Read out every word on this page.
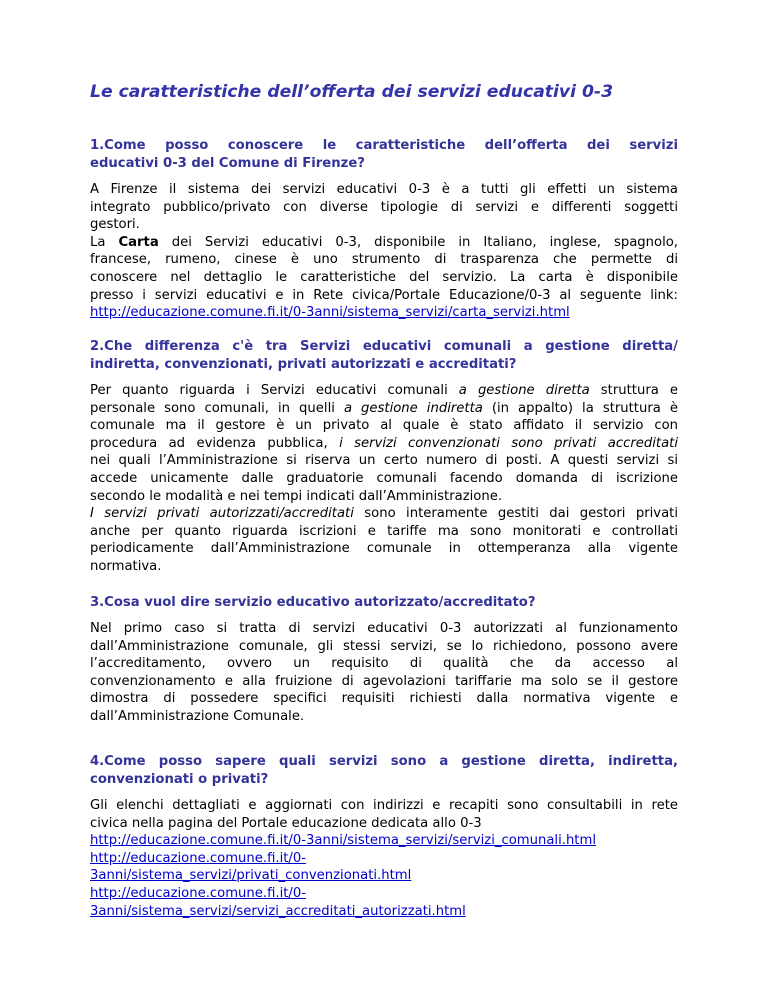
Le caratteristiche dell’offerta dei servizi educativi 0-3
1.Come posso conoscere le caratteristiche dell’offerta dei servizi
educativi 0-3 del Comune di Firenze?
A Firenze il sistema dei servizi educativi 0-3 è a tutti gli effetti un sistema
integrato pubblico/privato con diverse tipologie di servizi e differenti soggetti
gestori.
La Carta dei Servizi educativi 0-3, disponibile in Italiano, inglese, spagnolo,
francese, rumeno, cinese è uno strumento di trasparenza che permette di
conoscere nel dettaglio le caratteristiche del servizio. La carta è disponibile
presso i servizi educativi e in Rete civica/Portale Educazione/0-3 al seguente link:
http://educazione.comune.fi.it/0-3anni/sistema_servizi/carta_servizi.html
2.Che differenza c'è tra Servizi educativi comunali a gestione diretta/
indiretta, convenzionati, privati autorizzati e accreditati?
Per quanto riguarda i Servizi educativi comunali a gestione diretta struttura e
personale sono comunali, in quelli a gestione indiretta (in appalto) la struttura è
comunale ma il gestore è un privato al quale è stato affidato il servizio con
procedura ad evidenza pubblica, i servizi convenzionati sono privati accreditati
nei quali l’Amministrazione si riserva un certo numero di posti. A questi servizi si
accede unicamente dalle graduatorie comunali facendo domanda di iscrizione
secondo le modalità e nei tempi indicati dall’Amministrazione.
I servizi privati autorizzati/accreditati sono interamente gestiti dai gestori privati
anche per quanto riguarda iscrizioni e tariffe ma sono monitorati e controllati
periodicamente dall’Amministrazione comunale in ottemperanza alla vigente
normativa.
3.Cosa vuol dire servizio educativo autorizzato/accreditato?
Nel primo caso si tratta di servizi educativi 0-3 autorizzati al funzionamento
dall’Amministrazione comunale, gli stessi servizi, se lo richiedono, possono avere
l’accreditamento, ovvero un requisito di qualità che da accesso al
convenzionamento e alla fruizione di agevolazioni tariffarie ma solo se il gestore
dimostra di possedere specifici requisiti richiesti dalla normativa vigente e
dall’Amministrazione Comunale.
4.Come posso sapere quali servizi sono a gestione diretta, indiretta,
convenzionati o privati?
Gli elenchi dettagliati e aggiornati con indirizzi e recapiti sono consultabili in rete
civica nella pagina del Portale educazione dedicata allo 0-3
http://educazione.comune.fi.it/0-3anni/sistema_servizi/servizi_comunali.html
http://educazione.comune.fi.it/0-
3anni/sistema_servizi/privati_convenzionati.html
http://educazione.comune.fi.it/0-
3anni/sistema_servizi/servizi_accreditati_autorizzati.html
